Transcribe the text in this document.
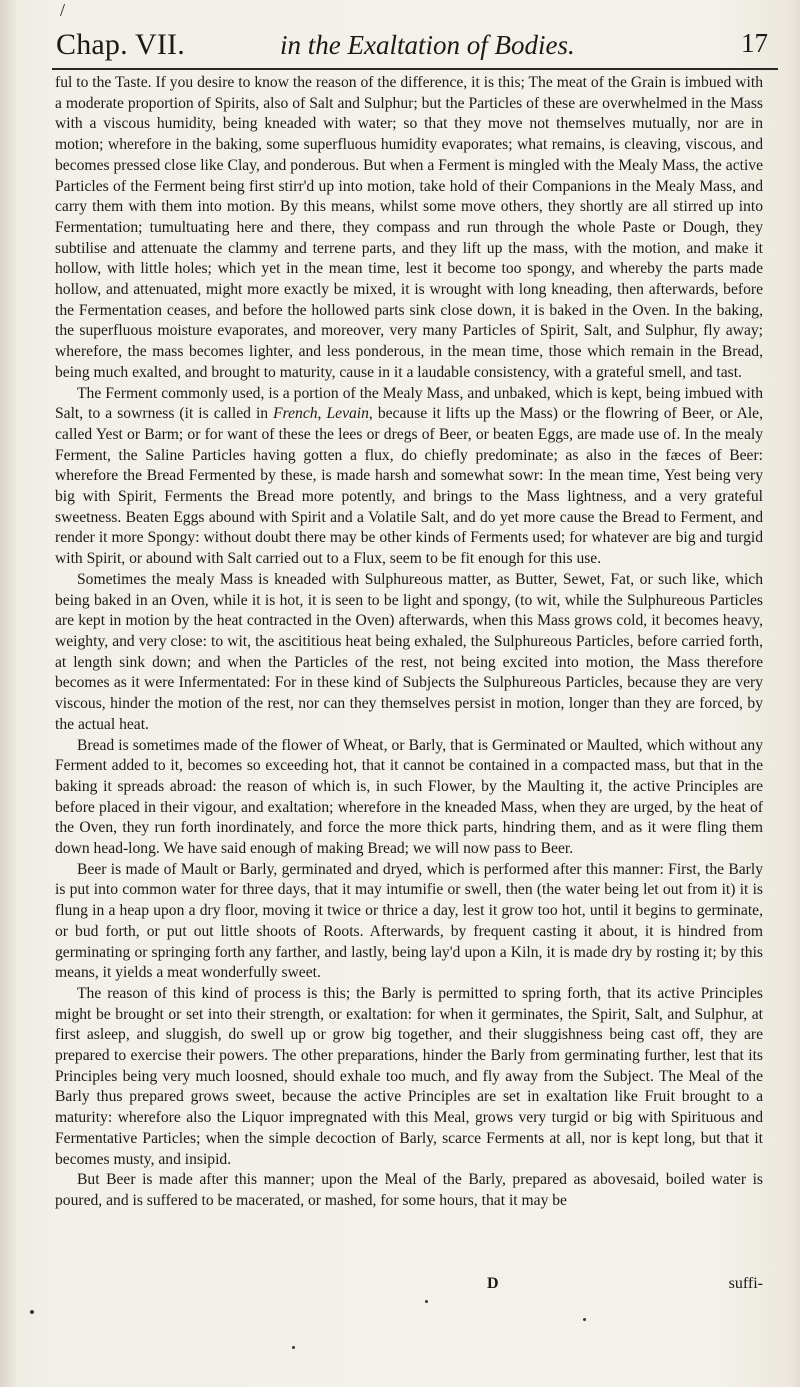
/
Chap. VII.	in the Exaltation of Bodies.	17

ful to the Taste. If you desire to know the reason of the difference, it is this; The meat of the Grain is imbued with a moderate proportion of Spirits, also of Salt and Sulphur; but the Particles of these are overwhelmed in the Mass with a viscous humidity, being kneaded with water; so that they move not themselves mutually, nor are in motion; wherefore in the baking, some superfluous humidity evaporates; what remains, is cleaving, viscous, and becomes pressed close like Clay, and ponderous. But when a Ferment is mingled with the Mealy Mass, the active Particles of the Ferment being first stirr'd up into motion, take hold of their Companions in the Mealy Mass, and carry them with them into motion. By this means, whilst some move others, they shortly are all stirred up into Fermentation; tumultuating here and there, they compass and run through the whole Paste or Dough, they subtilise and attenuate the clammy and terrene parts, and they lift up the mass, with the motion, and make it hollow, with little holes; which yet in the mean time, lest it become too spongy, and whereby the parts made hollow, and attenuated, might more exactly be mixed, it is wrought with long kneading, then afterwards, before the Fermentation ceases, and before the hollowed parts sink close down, it is baked in the Oven. In the baking, the superfluous moisture evaporates, and moreover, very many Particles of Spirit, Salt, and Sulphur, fly away; wherefore, the mass becomes lighter, and less ponderous, in the mean time, those which remain in the Bread, being much exalted, and brought to maturity, cause in it a laudable consistency, with a grateful smell, and tast.

The Ferment commonly used, is a portion of the Mealy Mass, and unbaked, which is kept, being imbued with Salt, to a sowrness (it is called in French, Levain, because it lifts up the Mass) or the flowring of Beer, or Ale, called Yest or Barm; or for want of these the lees or dregs of Beer, or beaten Eggs, are made use of. In the mealy Ferment, the Saline Particles having gotten a flux, do chiefly predominate; as also in the fæces of Beer: wherefore the Bread Fermented by these, is made harsh and somewhat sowr: In the mean time, Yest being very big with Spirit, Ferments the Bread more potently, and brings to the Mass lightness, and a very grateful sweetness. Beaten Eggs abound with Spirit and a Volatile Salt, and do yet more cause the Bread to Ferment, and render it more Spongy: without doubt there may be other kinds of Ferments used; for whatever are big and turgid with Spirit, or abound with Salt carried out to a Flux, seem to be fit enough for this use.

Sometimes the mealy Mass is kneaded with Sulphureous matter, as Butter, Sewet, Fat, or such like, which being baked in an Oven, while it is hot, it is seen to be light and spongy, (to wit, while the Sulphureous Particles are kept in motion by the heat contracted in the Oven) afterwards, when this Mass grows cold, it becomes heavy, weighty, and very close: to wit, the ascititious heat being exhaled, the Sulphureous Particles, before carried forth, at length sink down; and when the Particles of the rest, not being excited into motion, the Mass therefore becomes as it were Infermentated: For in these kind of Subjects the Sulphureous Particles, because they are very viscous, hinder the motion of the rest, nor can they themselves persist in motion, longer than they are forced, by the actual heat.

Bread is sometimes made of the flower of Wheat, or Barly, that is Germinated or Maulted, which without any Ferment added to it, becomes so exceeding hot, that it cannot be contained in a compacted mass, but that in the baking it spreads abroad: the reason of which is, in such Flower, by the Maulting it, the active Principles are before placed in their vigour, and exaltation; wherefore in the kneaded Mass, when they are urged, by the heat of the Oven, they run forth inordinately, and force the more thick parts, hindring them, and as it were fling them down head-long. We have said enough of making Bread; we will now pass to Beer.

Beer is made of Mault or Barly, germinated and dryed, which is performed after this manner: First, the Barly is put into common water for three days, that it may intumifie or swell, then (the water being let out from it) it is flung in a heap upon a dry floor, moving it twice or thrice a day, lest it grow too hot, until it begins to germinate, or bud forth, or put out little shoots of Roots. Afterwards, by frequent casting it about, it is hindred from germinating or springing forth any farther, and lastly, being lay'd upon a Kiln, it is made dry by rosting it; by this means, it yields a meat wonderfully sweet.

The reason of this kind of process is this; the Barly is permitted to spring forth, that its active Principles might be brought or set into their strength, or exaltation: for when it germinates, the Spirit, Salt, and Sulphur, at first asleep, and sluggish, do swell up or grow big together, and their sluggishness being cast off, they are prepared to exercise their powers. The other preparations, hinder the Barly from germinating further, lest that its Principles being very much loosned, should exhale too much, and fly away from the Subject. The Meal of the Barly thus prepared grows sweet, because the active Principles are set in exaltation like Fruit brought to a maturity: wherefore also the Liquor impregnated with this Meal, grows very turgid or big with Spirituous and Fermentative Particles; when the simple decoction of Barly, scarce Ferments at all, nor is kept long, but that it becomes musty, and insipid.

But Beer is made after this manner; upon the Meal of the Barly, prepared as abovesaid, boiled water is poured, and is suffered to be macerated, or mashed, for some hours, that it may be

D	suffi-
